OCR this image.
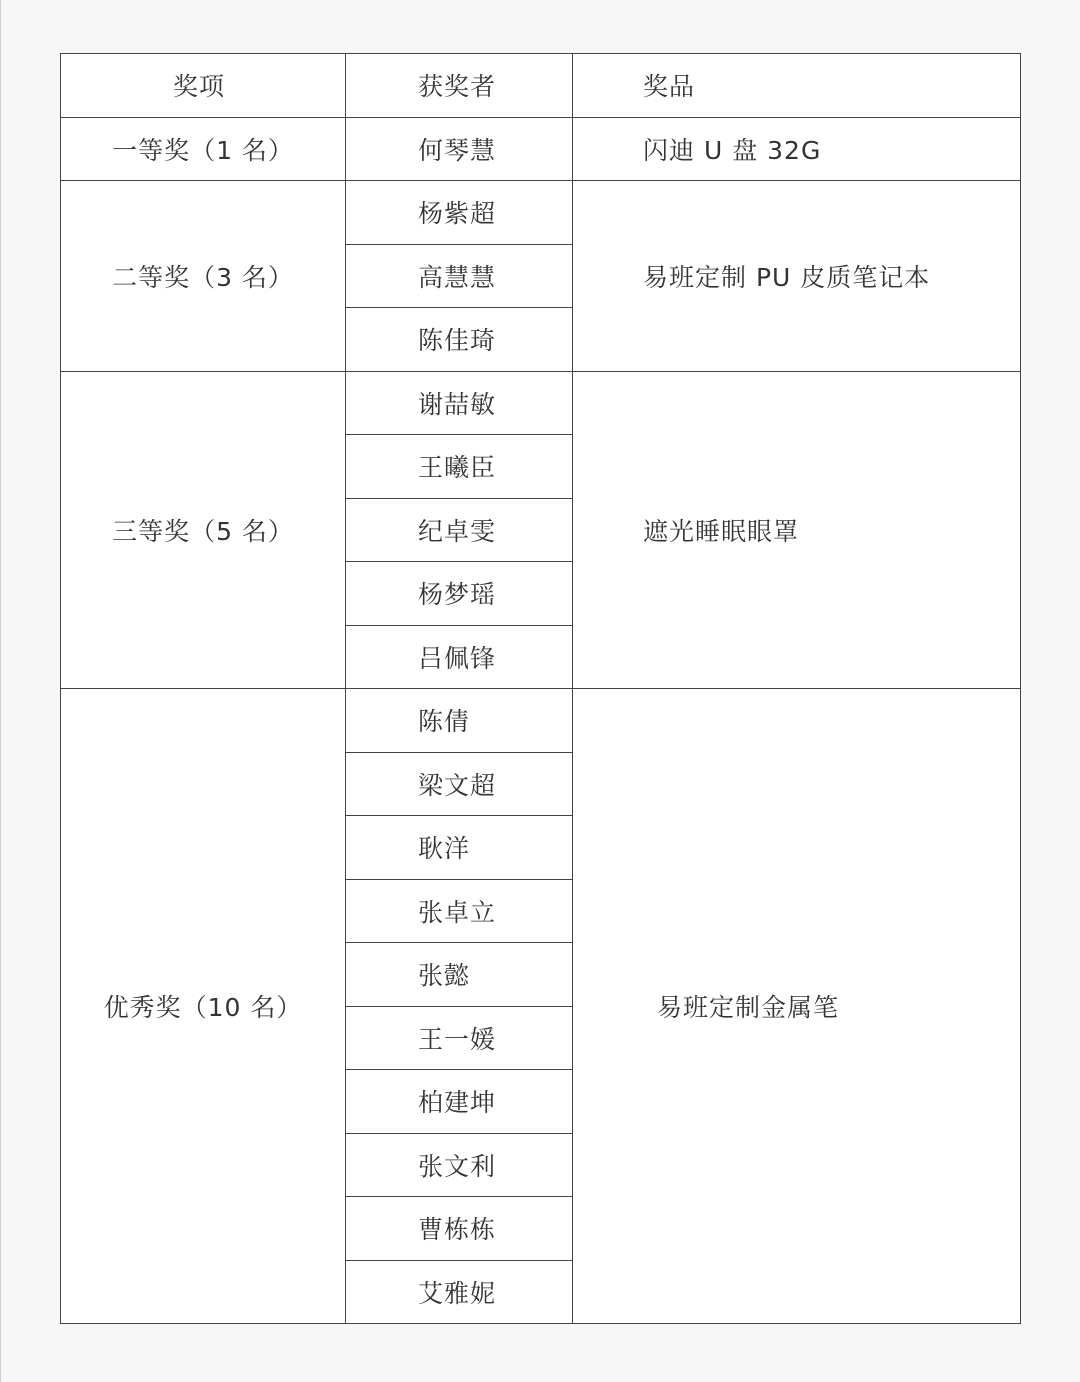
奖项	获奖者	奖品
一等奖（1 名）	何琴慧	闪迪 U 盘 32G
二等奖（3 名）	杨紫超	易班定制 PU 皮质笔记本
	高慧慧	
	陈佳琦	
三等奖（5 名）	谢喆敏	遮光睡眠眼罩
	王曦臣	
	纪卓雯	
	杨梦瑶	
	吕佩锋	
优秀奖（10 名）	陈倩	易班定制金属笔
	梁文超	
	耿洋	
	张卓立	
	张懿	
	王一媛	
	柏建坤	
	张文利	
	曹栋栋	
	艾雅妮	
